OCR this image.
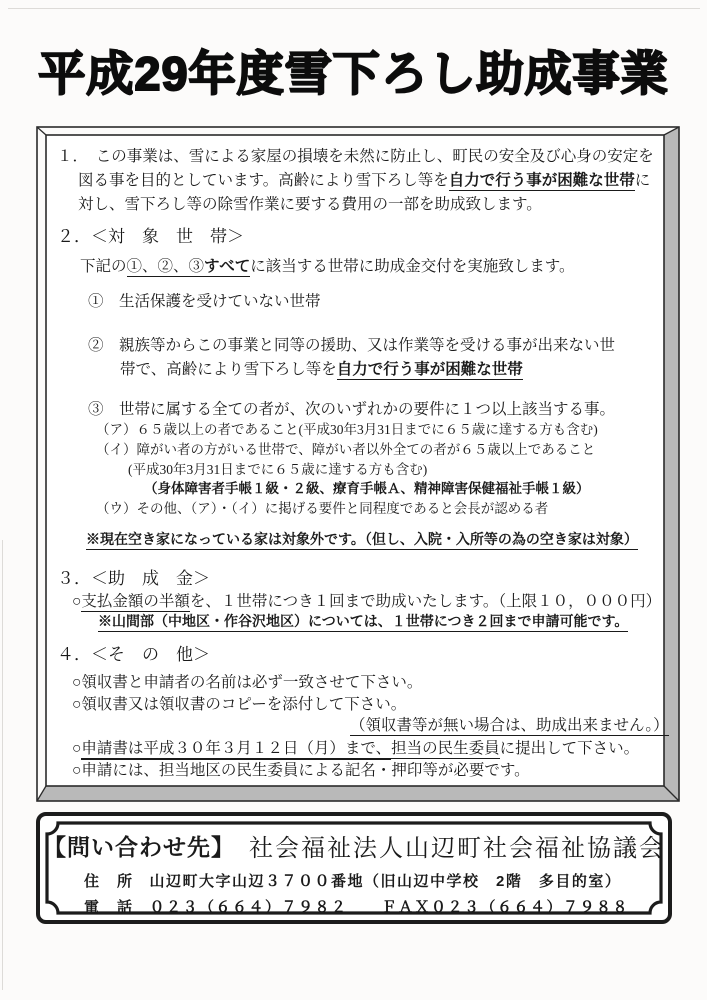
平成29年度雪下ろし助成事業
１．　この事業は、雪による家屋の損壊を未然に防止し、町民の安全及び心身の安定を
図る事を目的としています。高齢により雪下ろし等を自力で行う事が困難な世帯に
対し、雪下ろし等の除雪作業に要する費用の一部を助成致します。
２．＜対　象　世　帯＞
下記の①、②、③すべてに該当する世帯に助成金交付を実施致します。
①　生活保護を受けていない世帯
②　親族等からこの事業と同等の援助、又は作業等を受ける事が出来ない世
帯で、高齢により雪下ろし等を自力で行う事が困難な世帯
③　世帯に属する全ての者が、次のいずれかの要件に１つ以上該当する事。
（ア）６５歳以上の者であること(平成30年3月31日までに６５歳に達する方も含む)
（イ）障がい者の方がいる世帯で、障がい者以外全ての者が６５歳以上であること
(平成30年3月31日までに６５歳に達する方も含む)
（身体障害者手帳１級・２級、療育手帳Ａ、精神障害保健福祉手帳１級）
（ウ）その他、（ア）・（イ）に掲げる要件と同程度であると会長が認める者
※現在空き家になっている家は対象外です。（但し、入院・入所等の為の空き家は対象）
３．＜助　成　金＞
○支払金額の半額を、１世帯につき１回まで助成いたします。（上限１０，０００円）
※山間部（中地区・作谷沢地区）については、１世帯につき２回まで申請可能です。
４．＜そ　の　他＞
○領収書と申請者の名前は必ず一致させて下さい。
○領収書又は領収書のコピーを添付して下さい。
（領収書等が無い場合は、助成出来ません。）
○申請書は平成３０年３月１２日（月）まで、担当の民生委員に提出して下さい。
○申請には、担当地区の民生委員による記名・押印等が必要です。
【問い合わせ先】 社会福祉法人山辺町社会福祉協議会
住　所 山辺町大字山辺３７００番地（旧山辺中学校　2階　多目的室）
電　話 ０２３（６６４）７９８２ ＦＡＸ０２３（６６４）７９８８
